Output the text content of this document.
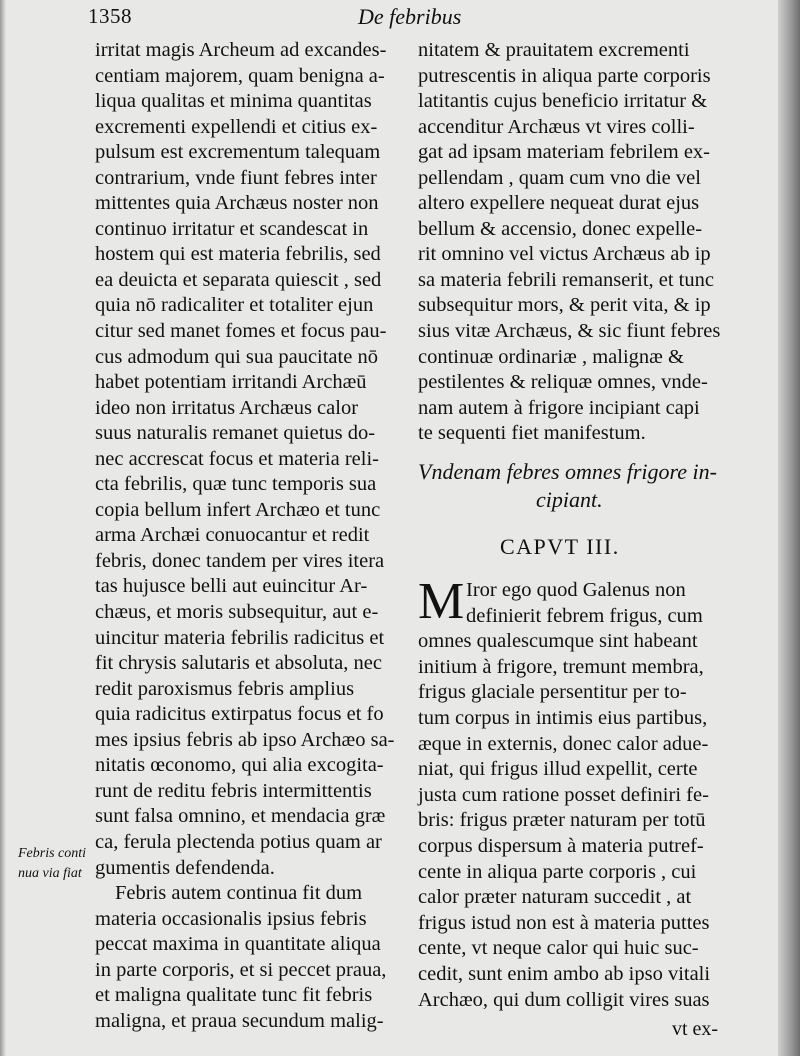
1358	De febribus
irritat magis Archeum ad excandes-
centiam majorem, quam benigna a-
liqua qualitas et minima quantitas
excrementi expellendi et citius ex-
pulsum est excrementum talequam
contrarium, vnde fiunt febres inter
mittentes quia Archæus noster non
continuo irritatur et scandescat in
hostem qui est materia febrilis, sed
ea deuicta et separata quiescit , sed
quia nō radicaliter et totaliter ejun
citur sed manet fomes et focus pau-
cus admodum qui sua paucitate nō
habet potentiam irritandi Archæū
ideo non irritatus Archæus calor
suus naturalis remanet quietus do-
nec accrescat focus et materia reli-
cta febrilis, quæ tunc temporis sua
copia bellum infert Archæo et tunc
arma Archæi conuocantur et redit
febris, donec tandem per vires itera
tas hujusce belli aut euincitur Ar-
chæus, et moris subsequitur, aut e-
uincitur materia febrilis radicitus et
fit chrysis salutaris et absoluta, nec
redit paroxismus febris amplius
quia radicitus extirpatus focus et fo
mes ipsius febris ab ipso Archæo sa-
nitatis œconomo, qui alia excogita-
runt de reditu febris intermittentis
sunt falsa omnino, et mendacia græ
ca, ferula plectenda potius quam ar
gumentis defendenda.
Febris autem continua fit dum
materia occasionalis ipsius febris
peccat maxima in quantitate aliqua
in parte corporis, et si peccet praua,
et maligna qualitate tunc fit febris
maligna, et praua secundum malig-
Febris conti
nua via fiat
nitatem & prauitatem excrementi
putrescentis in aliqua parte corporis
latitantis cujus beneficio irritatur &
accenditur Archæus vt vires colli-
gat ad ipsam materiam febrilem ex-
pellendam , quam cum vno die vel
altero expellere nequeat durat ejus
bellum & accensio, donec expelle-
rit omnino vel victus Archæus ab ip
sa materia febrili remanserit, et tunc
subsequitur mors, & perit vita, & ip
sius vitæ Archæus, & sic fiunt febres
continuæ ordinariæ , malignæ &
pestilentes & reliquæ omnes, vnde-
nam autem à frigore incipiant capi
te sequenti fiet manifestum.
Vndenam febres omnes frigore in-
cipiant.
CAPVT III.
M Iror ego quod Galenus non
definierit febrem frigus, cum
omnes qualescumque sint habeant
initium à frigore, tremunt membra,
frigus glaciale persentitur per to-
tum corpus in intimis eius partibus,
æque in externis, donec calor adue-
niat, qui frigus illud expellit, certe
justa cum ratione posset definiri fe-
bris: frigus præter naturam per totū
corpus dispersum à materia putref-
cente in aliqua parte corporis , cui
calor præter naturam succedit , at
frigus istud non est à materia puttes
cente, vt neque calor qui huic suc-
cedit, sunt enim ambo ab ipso vitali
Archæo, qui dum colligit vires suas
vt ex-
